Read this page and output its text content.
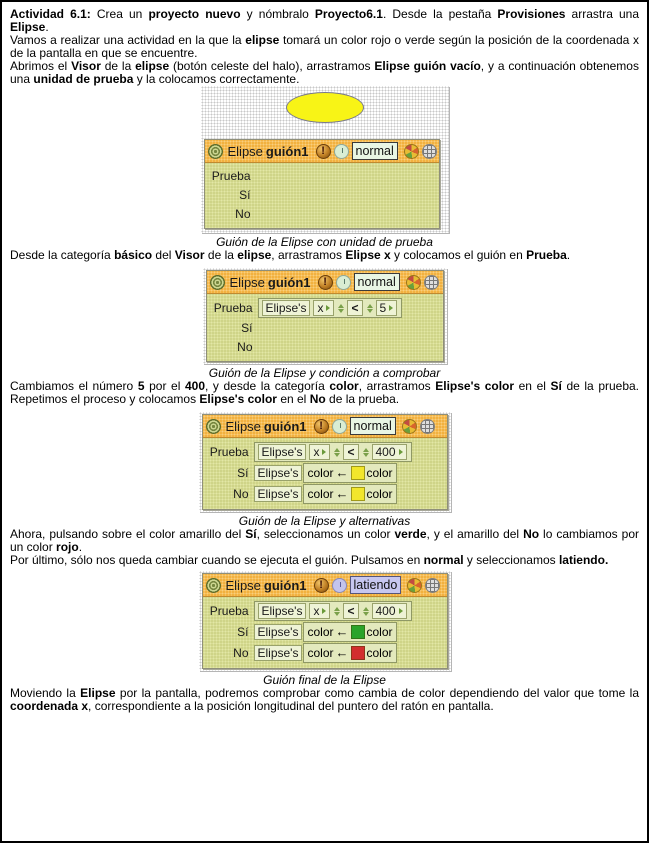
Actividad 6.1: Crea un proyecto nuevo y nómbralo Proyecto6.1. Desde la pestaña Provisiones arrastra una Elipse.

Vamos a realizar una actividad en la que la elipse tomará un color rojo o verde según la posición de la coordenada x de la pantalla en que se encuentre.

Abrimos el Visor de la elipse (botón celeste del halo), arrastramos Elipse guión vacío, y a continuación obtenemos una unidad de prueba y la colocamos correctamente.

Elipse guión1 !	normal
Prueba
Sí
No
Guión de la Elipse con unidad de prueba

Desde la categoría básico del Visor de la elipse, arrastramos Elipse x y colocamos el guión en Prueba.

Elipse guión1 !	normal
Prueba	Elipse's x	<	5
Sí
No
Guión de la Elipse y condición a comprobar

Cambiamos el número 5 por el 400, y desde la categoría color, arrastramos Elipse's color en el Sí de la prueba. Repetimos el proceso y colocamos Elipse's color en el No de la prueba.

Elipse guión1 !	normal
Prueba	Elipse's x	<	400
Sí Elipse's color ← color
No Elipse's color ← color
Guión de la Elipse y alternativas

Ahora, pulsando sobre el color amarillo del Sí, seleccionamos un color verde, y el amarillo del No lo cambiamos por un color rojo.

Por último, sólo nos queda cambiar cuando se ejecuta el guión. Pulsamos en normal y seleccionamos latiendo.

Elipse guión1 !	latiendo
Prueba	Elipse's x	<	400
Sí Elipse's color ← color
No Elipse's color ← color
Guión final de la Elipse

Moviendo la Elipse por la pantalla, podremos comprobar como cambia de color dependiendo del valor que tome la coordenada x, correspondiente a la posición longitudinal del puntero del ratón en pantalla.
